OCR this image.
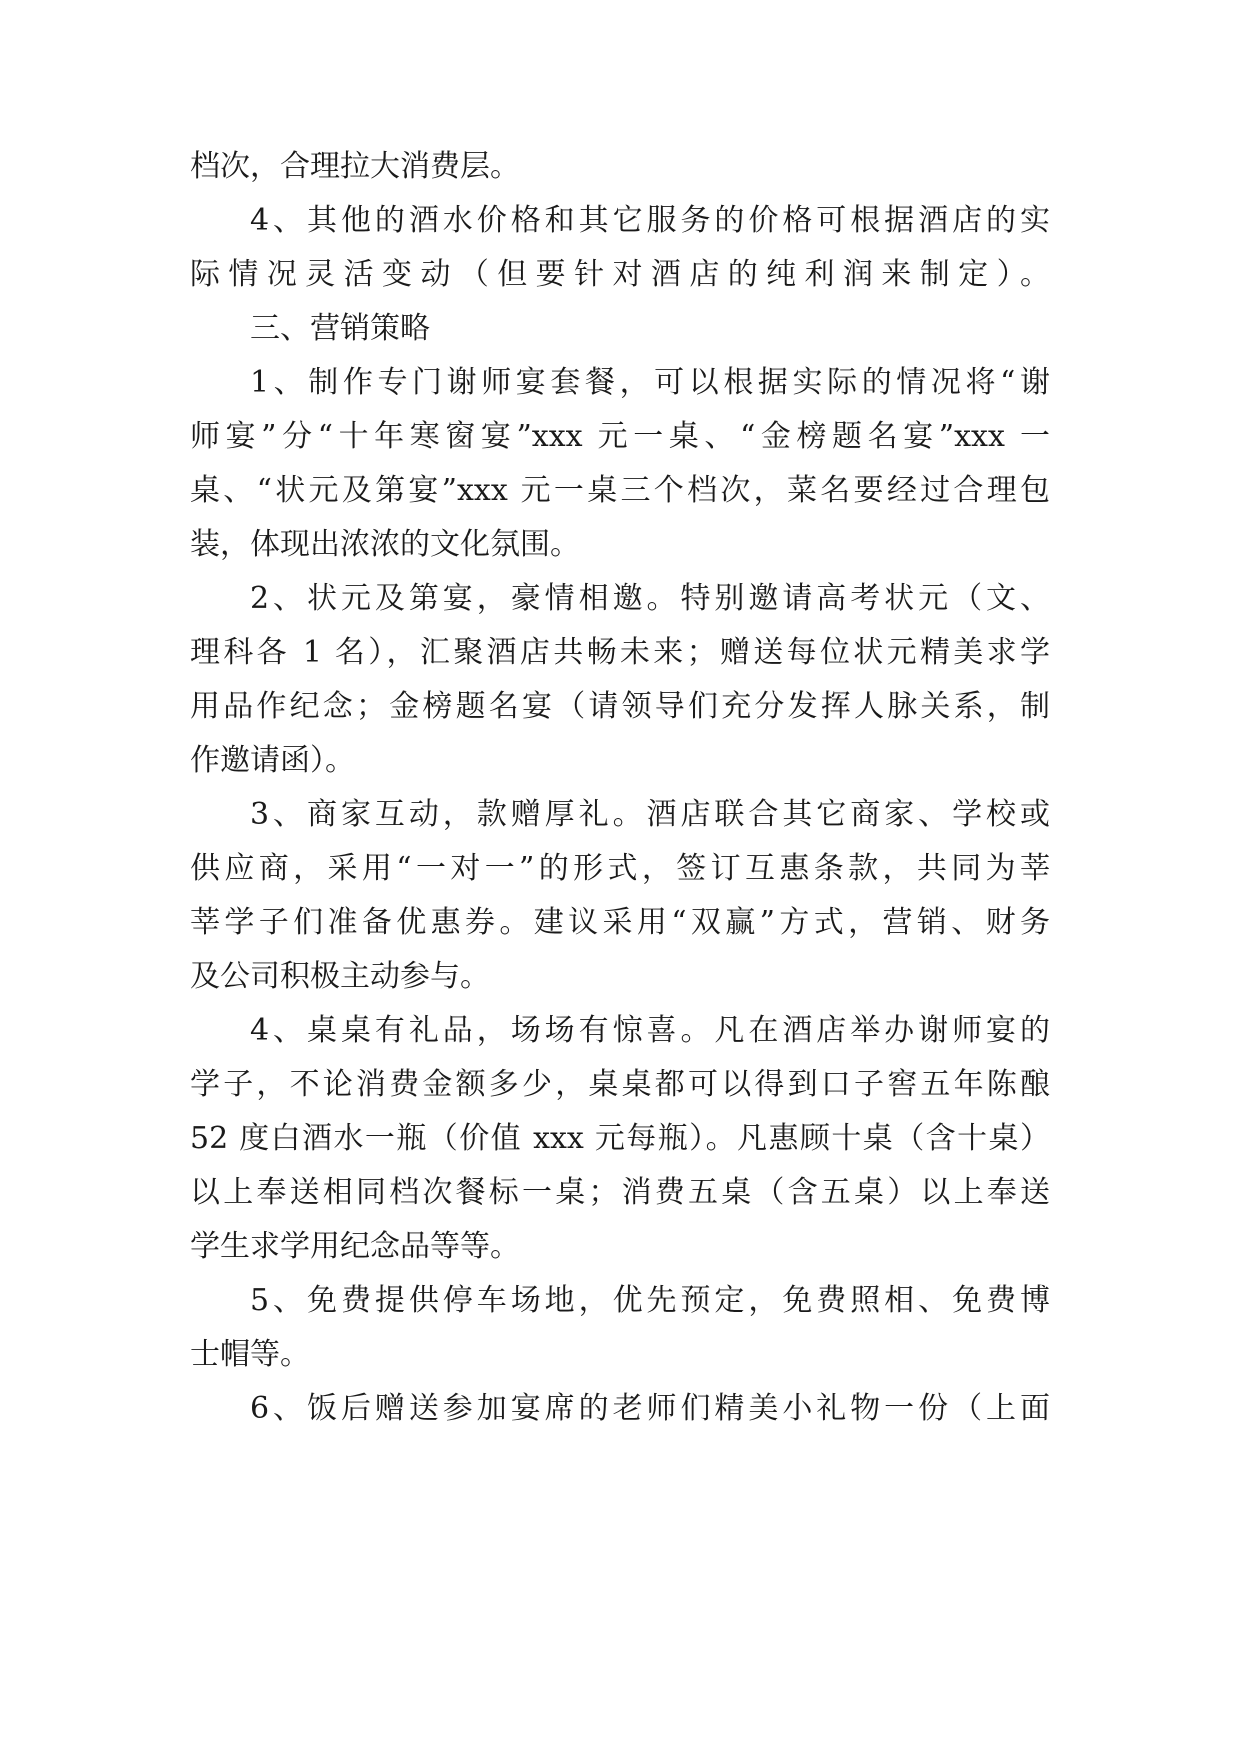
档次，合理拉大消费层。
4、其他的酒水价格和其它服务的价格可根据酒店的实
际情况灵活变动（但要针对酒店的纯利润来制定）。
三、营销策略
1、制作专门谢师宴套餐，可以根据实际的情况将“谢
师宴”分“十年寒窗宴”xxx 元一桌、“金榜题名宴”xxx 一
桌、“状元及第宴”xxx 元一桌三个档次，菜名要经过合理包
装，体现出浓浓的文化氛围。
2、状元及第宴，豪情相邀。特别邀请高考状元（文、
理科各 1 名），汇聚酒店共畅未来；赠送每位状元精美求学
用品作纪念；金榜题名宴（请领导们充分发挥人脉关系，制
作邀请函）。
3、商家互动，款赠厚礼。酒店联合其它商家、学校或
供应商，采用“一对一”的形式，签订互惠条款，共同为莘
莘学子们准备优惠券。建议采用“双赢”方式，营销、财务
及公司积极主动参与。
4、桌桌有礼品，场场有惊喜。凡在酒店举办谢师宴的
学子，不论消费金额多少，桌桌都可以得到口子窖五年陈酿
52 度白酒水一瓶（价值 xxx 元每瓶）。凡惠顾十桌（含十桌）
以上奉送相同档次餐标一桌；消费五桌（含五桌）以上奉送
学生求学用纪念品等等。
5、免费提供停车场地，优先预定，免费照相、免费博
士帽等。
6、饭后赠送参加宴席的老师们精美小礼物一份（上面
